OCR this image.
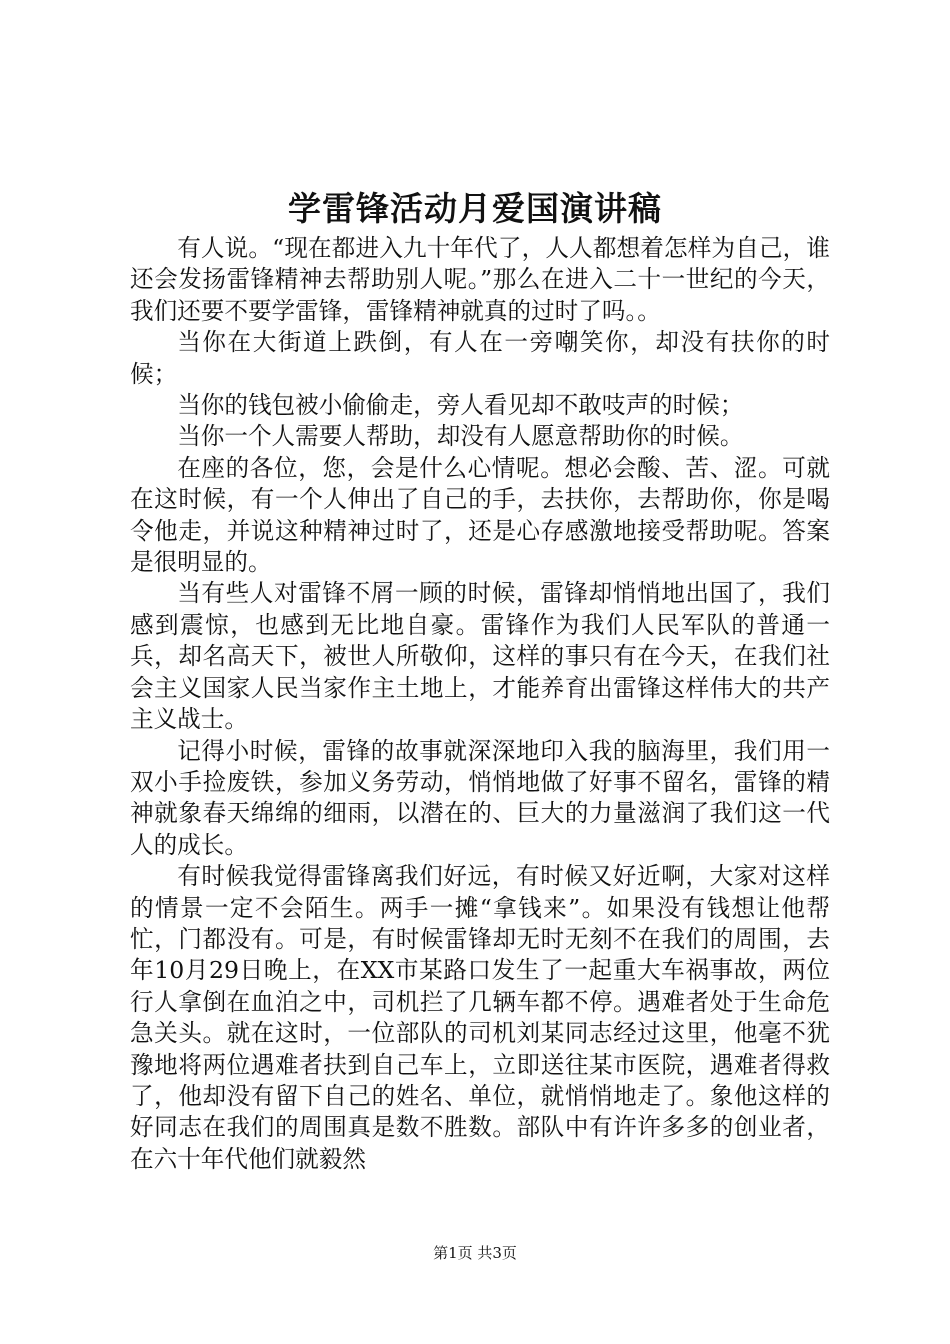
学雷锋活动月爱国演讲稿

有人说。“现在都进入九十年代了，人人都想着怎样为自己，谁还会发扬雷锋精神去帮助别人呢。”那么在进入二十一世纪的今天，我们还要不要学雷锋，雷锋精神就真的过时了吗。。

当你在大街道上跌倒，有人在一旁嘲笑你，却没有扶你的时候；

当你的钱包被小偷偷走，旁人看见却不敢吱声的时候；

当你一个人需要人帮助，却没有人愿意帮助你的时候。

在座的各位，您，会是什么心情呢。想必会酸、苦、涩。可就在这时候，有一个人伸出了自己的手，去扶你，去帮助你，你是喝令他走，并说这种精神过时了，还是心存感激地接受帮助呢。答案是很明显的。

当有些人对雷锋不屑一顾的时候，雷锋却悄悄地出国了，我们感到震惊，也感到无比地自豪。雷锋作为我们人民军队的普通一兵，却名高天下，被世人所敬仰，这样的事只有在今天，在我们社会主义国家人民当家作主土地上，才能养育出雷锋这样伟大的共产主义战士。

记得小时候，雷锋的故事就深深地印入我的脑海里，我们用一双小手捡废铁，参加义务劳动，悄悄地做了好事不留名，雷锋的精神就象春天绵绵的细雨，以潜在的、巨大的力量滋润了我们这一代人的成长。

有时候我觉得雷锋离我们好远，有时候又好近啊，大家对这样的情景一定不会陌生。两手一摊“拿钱来”。如果没有钱想让他帮忙，门都没有。可是，有时候雷锋却无时无刻不在我们的周围，去年10月29日晚上，在XX市某路口发生了一起重大车祸事故，两位行人拿倒在血泊之中，司机拦了几辆车都不停。遇难者处于生命危急关头。就在这时，一位部队的司机刘某同志经过这里，他毫不犹豫地将两位遇难者扶到自己车上，立即送往某市医院，遇难者得救了，他却没有留下自己的姓名、单位，就悄悄地走了。象他这样的好同志在我们的周围真是数不胜数。部队中有许许多多的创业者，在六十年代他们就毅然

第1页 共3页
